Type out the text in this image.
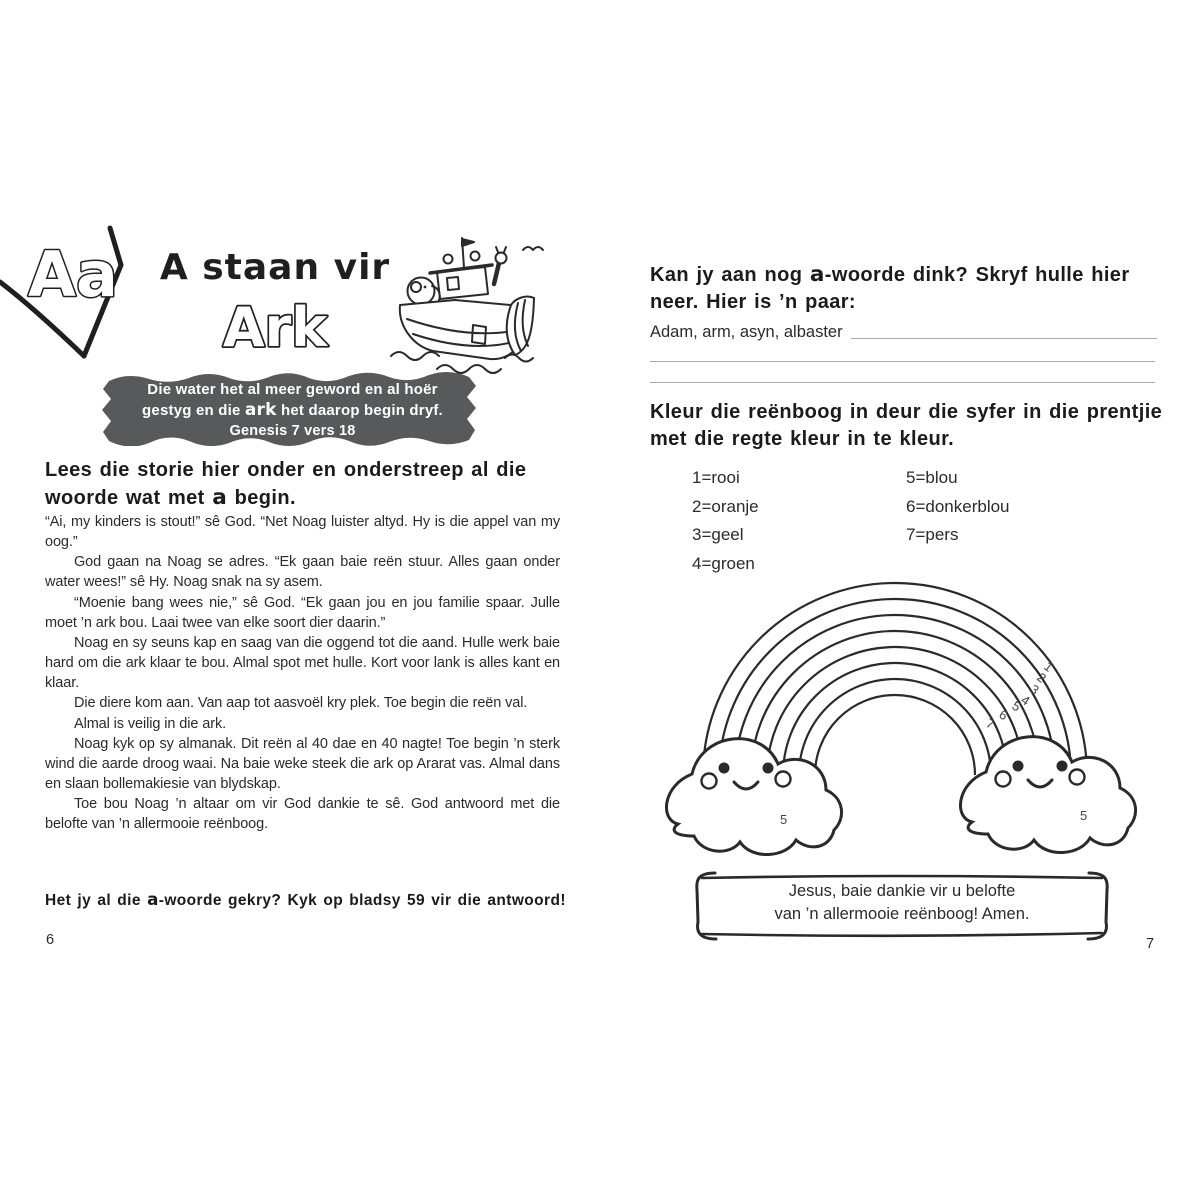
Aa	A staan vir
Ark
Die water het al meer geword en al hoër
gestyg en die ark het daarop begin dryf.
Genesis 7 vers 18
Lees die storie hier onder en onderstreep al die woorde wat met a begin.

“Ai, my kinders is stout!” sê God. “Net Noag luister altyd. Hy is die appel van my oog.”

God gaan na Noag se adres. “Ek gaan baie reën stuur. Alles gaan onder water wees!” sê Hy. Noag snak na sy asem.

“Moenie bang wees nie,” sê God. “Ek gaan jou en jou familie spaar. Julle moet ’n ark bou. Laai twee van elke soort dier daarin.”

Noag en sy seuns kap en saag van die oggend tot die aand. Hulle werk baie hard om die ark klaar te bou. Almal spot met hulle. Kort voor lank is alles kant en klaar.

Die diere kom aan. Van aap tot aasvoël kry plek. Toe begin die reën val.

Almal is veilig in die ark.

Noag kyk op sy almanak. Dit reën al 40 dae en 40 nagte! Toe begin ’n sterk wind die aarde droog waai. Na baie weke steek die ark op Ararat vas. Almal dans en slaan bollemakiesie van blydskap.

Toe bou Noag ’n altaar om vir God dankie te sê. God antwoord met die belofte van ’n allermooie reënboog.

Het jy al die a-woorde gekry? Kyk op bladsy 59 vir die antwoord!
6
Kan jy aan nog a-woorde dink? Skryf hulle hier neer. Hier is ’n paar:
Adam, arm, asyn, albaster
Kleur die reënboog in deur die syfer in die prentjie met die regte kleur in te kleur.
1=rooi
2=oranje
3=geel
4=groen
5=blou
6=donkerblou
7=pers
1
2
3
4
5
6
7
5	5
Jesus, baie dankie vir u belofte
van ’n allermooie reënboog! Amen.
7
